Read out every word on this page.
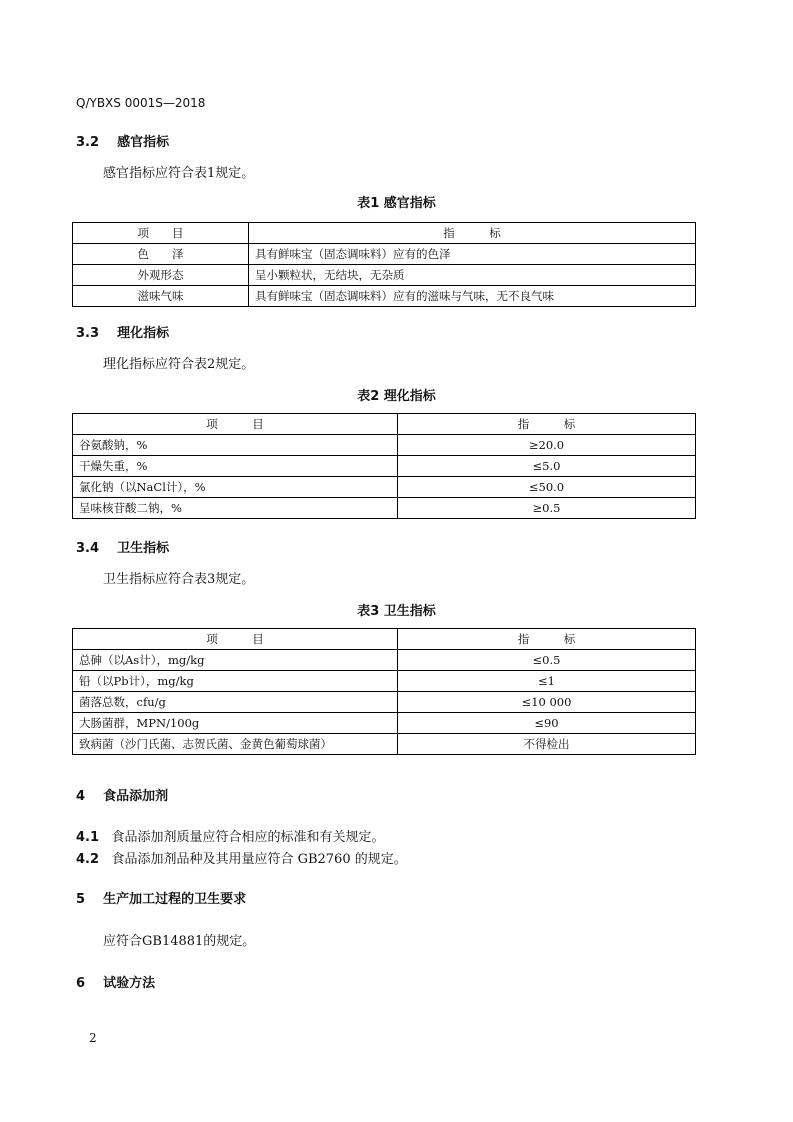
Q/YBXS 0001S—2018
3.2 感官指标
感官指标应符合表1规定。
表1 感官指标
项　　目	指　　　标
色　　泽	具有鲜味宝（固态调味料）应有的色泽
外观形态	呈小颗粒状，无结块，无杂质
滋味气味	具有鲜味宝（固态调味料）应有的滋味与气味，无不良气味
3.3 理化指标
理化指标应符合表2规定。
表2 理化指标
项　　　目	指　　　标
谷氨酸钠，%	≥20.0
干燥失重，%	≤5.0
氯化钠（以NaCl计），%	≤50.0
呈味核苷酸二钠，%	≥0.5
3.4 卫生指标
卫生指标应符合表3规定。
表3 卫生指标
项　　　目	指　　　标
总砷（以As计），mg/kg	≤0.5
铅（以Pb计），mg/kg	≤1
菌落总数，cfu/g	≤10 000
大肠菌群，MPN/100g	≤90
致病菌（沙门氏菌、志贺氏菌、金黄色葡萄球菌）	不得检出
4 食品添加剂
4.1 食品添加剂质量应符合相应的标准和有关规定。
4.2 食品添加剂品种及其用量应符合 GB2760 的规定。
5 生产加工过程的卫生要求
应符合GB14881的规定。
6 试验方法
2
